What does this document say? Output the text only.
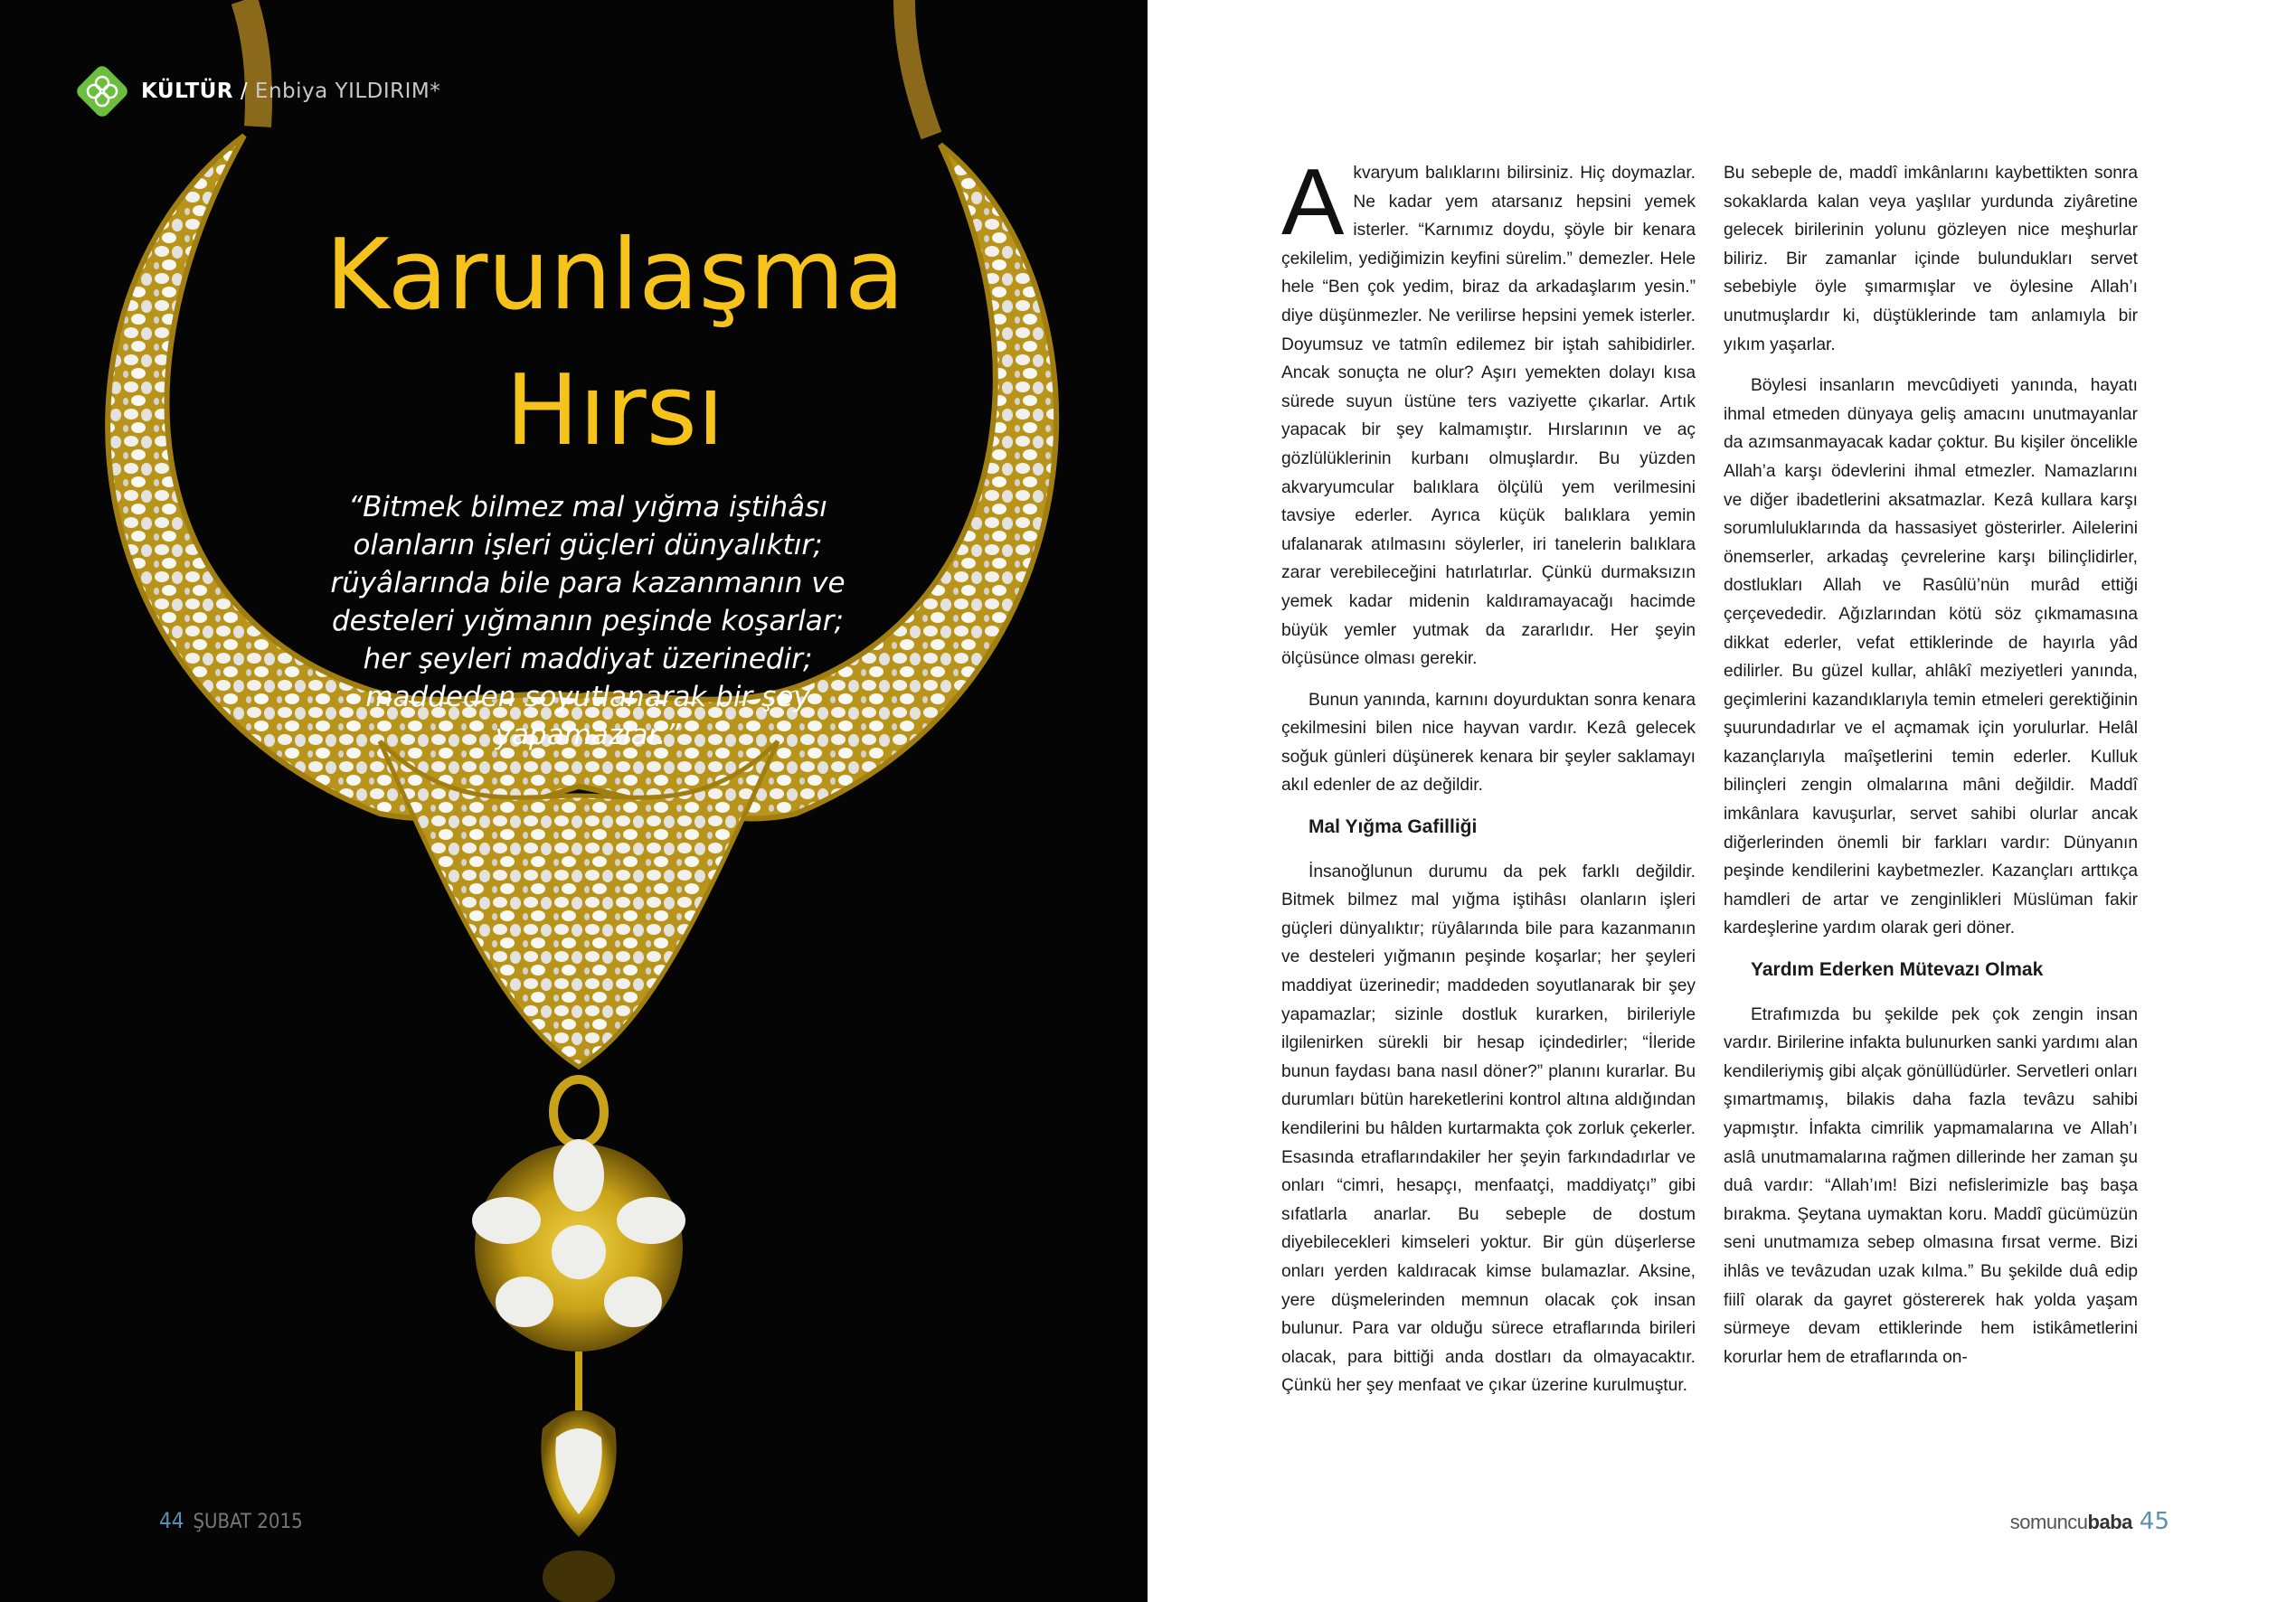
KÜLTÜR / Enbiya YILDIRIM*
Karunlaşma
Hırsı
“Bitmek bilmez mal yığma iştihâsı
olanların işleri güçleri dünyalıktır;
rüyâlarında bile para kazanmanın ve
desteleri yığmanın peşinde koşarlar;
her şeyleri maddiyat üzerinedir;
maddeden soyutlanarak bir şey
yapamazlar.”
44 ŞUBAT 2015

Akvaryum balıklarını bilirsiniz. Hiç doymazlar. Ne kadar yem atarsanız hepsini yemek isterler. “Karnımız doydu, şöyle bir kenara çekilelim, yediğimizin keyfini sürelim.” demezler. Hele hele “Ben çok yedim, biraz da arkadaşlarım yesin.” diye düşünmezler. Ne verilirse hepsini yemek isterler. Doyumsuz ve tatmîn edilemez bir iştah sahibidirler. Ancak sonuçta ne olur? Aşırı yemekten dolayı kısa sürede suyun üstüne ters vaziyette çıkarlar. Artık yapacak bir şey kalmamıştır. Hırslarının ve aç gözlülüklerinin kurbanı olmuşlardır. Bu yüzden akvaryumcular balıklara ölçülü yem verilmesini tavsiye ederler. Ayrıca küçük balıklara yemin ufalanarak atılmasını söylerler, iri tanelerin balıklara zarar verebileceğini hatırlatırlar. Çünkü durmaksızın yemek kadar midenin kaldıramayacağı hacimde büyük yemler yutmak da zararlıdır. Her şeyin ölçüsünce olması gerekir.

Bunun yanında, karnını doyurduktan sonra kenara çekilmesini bilen nice hayvan vardır. Kezâ gelecek soğuk günleri düşünerek kenara bir şeyler saklamayı akıl edenler de az değildir.

Mal Yığma Gafilliği

İnsanoğlunun durumu da pek farklı değildir. Bitmek bilmez mal yığma iştihâsı olanların işleri güçleri dünyalıktır; rüyâlarında bile para kazanmanın ve desteleri yığmanın peşinde koşarlar; her şeyleri maddiyat üzerinedir; maddeden soyutlanarak bir şey yapamazlar; sizinle dostluk kurarken, birileriyle ilgilenirken sürekli bir hesap içindedirler; “İleride bunun faydası bana nasıl döner?” planını kurarlar. Bu durumları bütün hareketlerini kontrol altına aldığından kendilerini bu hâlden kurtarmakta çok zorluk çekerler. Esasında etraflarındakiler her şeyin farkındadırlar ve onları “cimri, hesapçı, menfaatçi, maddiyatçı” gibi sıfatlarla anarlar. Bu sebeple de dostum diyebilecekleri kimseleri yoktur. Bir gün düşerlerse onları yerden kaldıracak kimse bulamazlar. Aksine, yere düşmelerinden memnun olacak çok insan bulunur. Para var olduğu sürece etraflarında birileri olacak, para bittiği anda dostları da olmayacaktır. Çünkü her şey menfaat ve çıkar üzerine kurulmuştur.

Bu sebeple de, maddî imkânlarını kaybettikten sonra sokaklarda kalan veya yaşlılar yurdunda ziyâretine gelecek birilerinin yolunu gözleyen nice meşhurlar biliriz. Bir zamanlar içinde bulundukları servet sebebiyle öyle şımarmışlar ve öylesine Allah’ı unutmuşlardır ki, düştüklerinde tam anlamıyla bir yıkım yaşarlar.

Böylesi insanların mevcûdiyeti yanında, hayatı ihmal etmeden dünyaya geliş amacını unutmayanlar da azımsanmayacak kadar çoktur. Bu kişiler öncelikle Allah’a karşı ödevlerini ihmal etmezler. Namazlarını ve diğer ibadetlerini aksatmazlar. Kezâ kullara karşı sorumluluklarında da hassasiyet gösterirler. Ailelerini önemserler, arkadaş çevrelerine karşı bilinçlidirler, dostlukları Allah ve Rasûlü’nün murâd ettiği çerçevededir. Ağızlarından kötü söz çıkmamasına dikkat ederler, vefat ettiklerinde de hayırla yâd edilirler. Bu güzel kullar, ahlâkî meziyetleri yanında, geçimlerini kazandıklarıyla temin etmeleri gerektiğinin şuurundadırlar ve el açmamak için yorulurlar. Helâl kazançlarıyla maîşetlerini temin ederler. Kulluk bilinçleri zengin olmalarına mâni değildir. Maddî imkânlara kavuşurlar, servet sahibi olurlar ancak diğerlerinden önemli bir farkları vardır: Dünyanın peşinde kendilerini kaybetmezler. Kazançları arttıkça hamdleri de artar ve zenginlikleri Müslüman fakir kardeşlerine yardım olarak geri döner.

Yardım Ederken Mütevazı Olmak

Etrafımızda bu şekilde pek çok zengin insan vardır. Birilerine infakta bulunurken sanki yardımı alan kendileriymiş gibi alçak gönüllüdürler. Servetleri onları şımartmamış, bilakis daha fazla tevâzu sahibi yapmıştır. İnfakta cimrilik yapmamalarına ve Allah’ı aslâ unutmamalarına rağmen dillerinde her zaman şu duâ vardır: “Allah’ım! Bizi nefislerimizle baş başa bırakma. Şeytana uymaktan koru. Maddî gücümüzün seni unutmamıza sebep olmasına fırsat verme. Bizi ihlâs ve tevâzudan uzak kılma.” Bu şekilde duâ edip fiilî olarak da gayret göstererek hak yolda yaşam sürmeye devam ettiklerinde hem istikâmetlerini korurlar hem de etraflarında on-

somuncubaba 45
